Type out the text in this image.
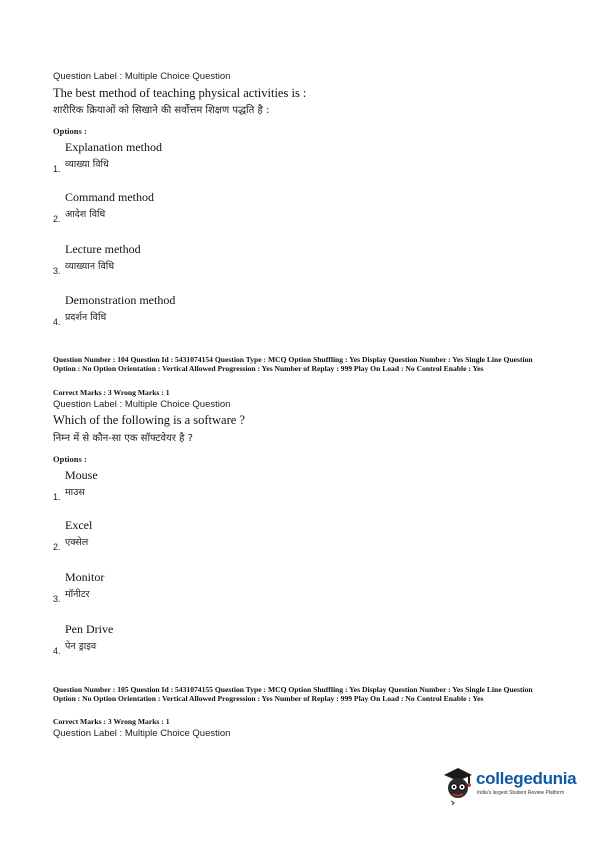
Question Label : Multiple Choice Question
The best method of teaching physical activities is :
शारीरिक क्रियाओं को सिखाने की सर्वोत्तम शिक्षण पद्धति है :
Options :
Explanation method
व्याख्या विधि
1.
Command method
आदेश विधि
2.
Lecture method
व्याख्यान विधि
3.
Demonstration method
प्रदर्शन विधि
4.
Question Number : 104 Question Id : 5431074154 Question Type : MCQ Option Shuffling : Yes Display Question Number : Yes Single Line Question Option : No Option Orientation : Vertical Allowed Progression : Yes Number of Replay : 999 Play On Load : No Control Enable : Yes
Correct Marks : 3 Wrong Marks : 1
Question Label : Multiple Choice Question
Which of the following is a software ?
निम्न में से कौन-सा एक सॉफ्टवेयर है ?
Options :
Mouse
माउस
1.
Excel
एक्सेल
2.
Monitor
मॉनीटर
3.
Pen Drive
पेन ड्राइव
4.
Question Number : 105 Question Id : 5431074155 Question Type : MCQ Option Shuffling : Yes Display Question Number : Yes Single Line Question Option : No Option Orientation : Vertical Allowed Progression : Yes Number of Replay : 999 Play On Load : No Control Enable : Yes
Correct Marks : 3 Wrong Marks : 1
Question Label : Multiple Choice Question
collegedunia
India's largest Student Review Platform
